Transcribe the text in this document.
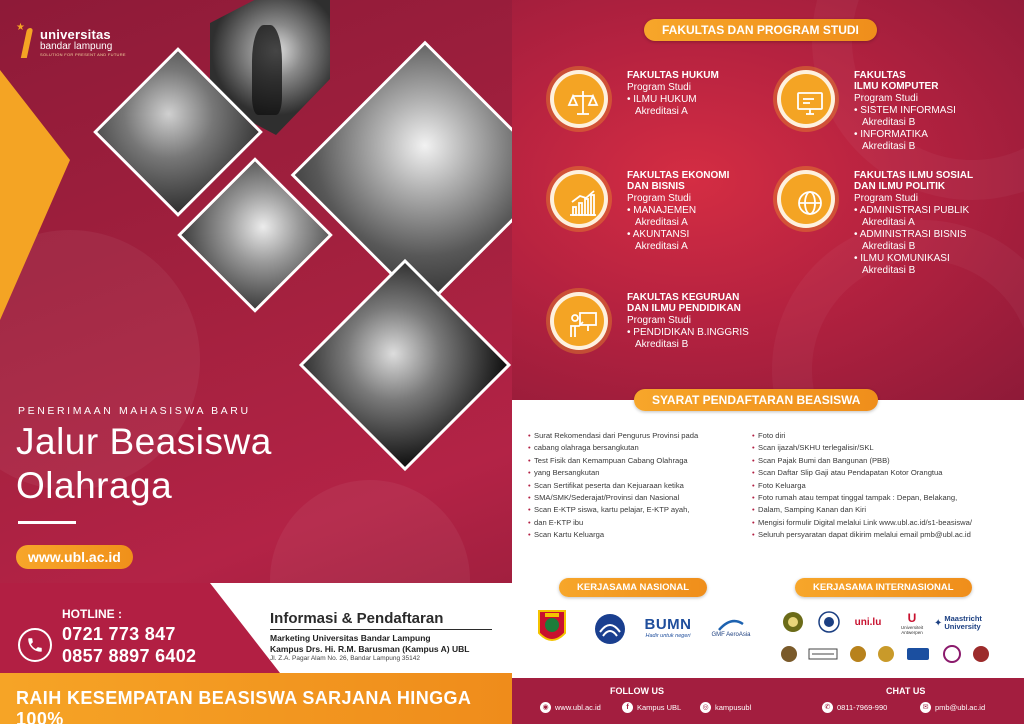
★
universitas
bandar lampung
SOLUTION FOR PRESENT AND FUTURE
PENERIMAAN MAHASISWA BARU
Jalur Beasiswa
Olahraga
www.ubl.ac.id
HOTLINE :
0721 773 847
0857 8897 6402
Informasi & Pendaftaran
Marketing Universitas Bandar Lampung
Kampus Drs. Hi. R.M. Barusman (Kampus A) UBL
Jl. Z.A. Pagar Alam No. 26, Bandar Lampung 35142
RAIH KESEMPATAN BEASISWA SARJANA HINGGA 100%
FAKULTAS DAN PROGRAM STUDI
FAKULTAS HUKUM
Program Studi
• ILMU HUKUM
Akreditasi A
FAKULTAS
ILMU KOMPUTER
Program Studi
• SISTEM INFORMASI
Akreditasi B
• INFORMATIKA
Akreditasi B
FAKULTAS EKONOMI
DAN BISNIS
Program Studi
• MANAJEMEN
Akreditasi A
• AKUNTANSI
Akreditasi A
FAKULTAS ILMU SOSIAL
DAN ILMU POLITIK
Program Studi
• ADMINISTRASI PUBLIK
Akreditasi A
• ADMINISTRASI BISNIS
Akreditasi B
• ILMU KOMUNIKASI
Akreditasi B
FAKULTAS KEGURUAN
DAN ILMU PENDIDIKAN
Program Studi
• PENDIDIKAN B.INGGRIS
Akreditasi B
SYARAT PENDAFTARAN BEASISWA
• Surat Rekomendasi dari Pengurus Provinsi pada
• cabang olahraga bersangkutan
• Test Fisik dan Kemampuan Cabang Olahraga
• yang Bersangkutan
• Scan Sertifikat peserta dan Kejuaraan ketika
• SMA/SMK/Sederajat/Provinsi dan Nasional
• Scan E-KTP siswa, kartu pelajar, E-KTP ayah,
• dan E-KTP ibu
• Scan Kartu Keluarga
• Foto diri
• Scan ijazah/SKHU terlegalisir/SKL
• Scan Pajak Bumi dan Bangunan (PBB)
• Scan Daftar Slip Gaji atau Pendapatan Kotor Orangtua
• Foto Keluarga
• Foto rumah atau tempat tinggal tampak : Depan, Belakang,
• Dalam, Samping Kanan dan Kiri
• Mengisi formulir Digital melalui Link www.ubl.ac.id/s1-beasiswa/
• Seluruh persyaratan dapat dikirim melalui email pmb@ubl.ac.id
KERJASAMA NASIONAL	KERJASAMA INTERNASIONAL
BUMN
Hadir untuk negeri	GMF AeroAsia
uni.lu U
Universiteit Antwerpen
✦ Maastricht University
FOLLOW US	CHAT US
◉ www.ubl.ac.id	f Kampus UBL	◎ kampusubl	✆ 0811-7969-990	✉ pmb@ubl.ac.id
